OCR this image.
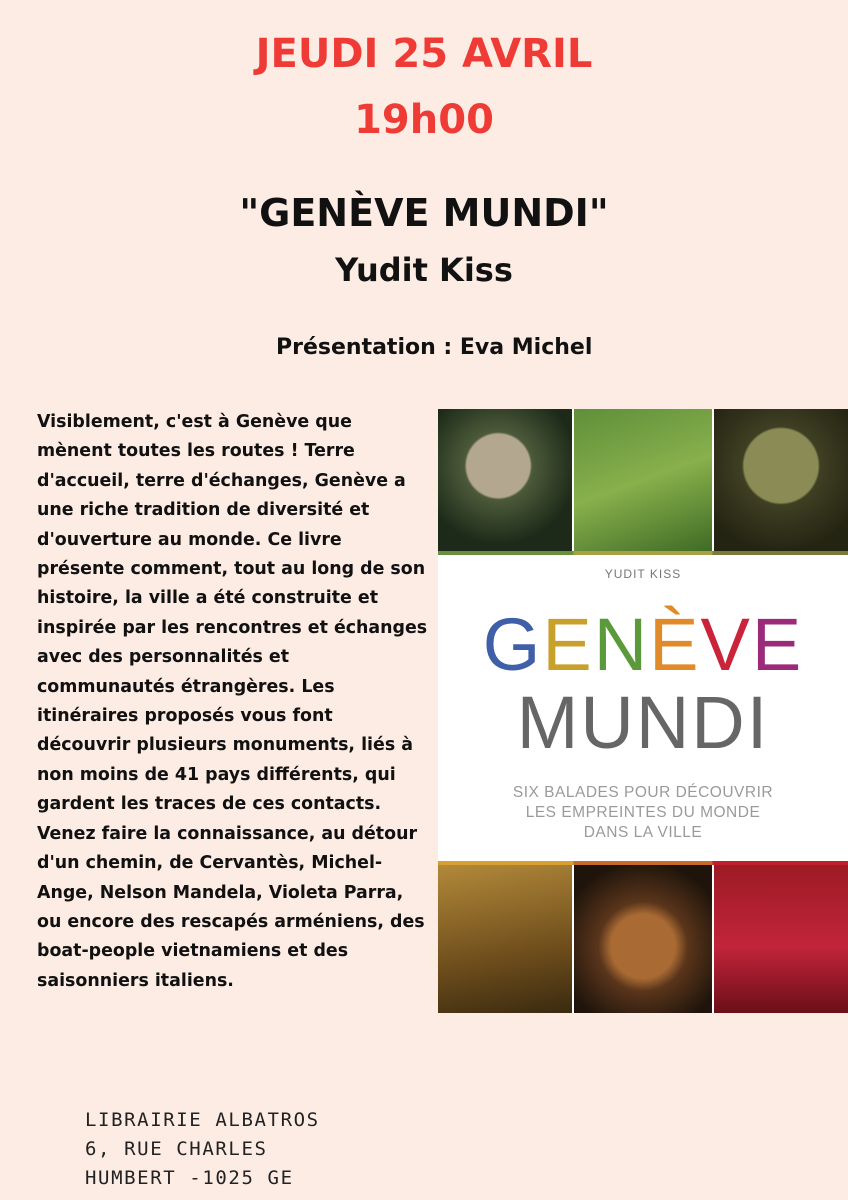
JEUDI 25 AVRIL
19h00
"GENÈVE MUNDI"
Yudit Kiss
Présentation : Eva Michel

Visiblement, c'est à Genève que mènent toutes les routes ! Terre d'accueil, terre d'échanges, Genève a une riche tradition de diversité et d'ouverture au monde. Ce livre présente comment, tout au long de son histoire, la ville a été construite et inspirée par les rencontres et échanges avec des personnalités et communautés étrangères. Les itinéraires proposés vous font découvrir plusieurs monuments, liés à non moins de 41 pays différents, qui gardent les traces de ces contacts. Venez faire la connaissance, au détour d'un chemin, de Cervantès, Michel-Ange, Nelson Mandela, Violeta Parra, ou encore des rescapés arméniens, des boat-people vietnamiens et des saisonniers italiens.

YUDIT KISS
GENÈVE
MUNDI
SIX BALADES POUR DÉCOUVRIR
LES EMPREINTES DU MONDE
DANS LA VILLE
LIBRAIRIE ALBATROS
6, RUE CHARLES
HUMBERT -1025 GE
